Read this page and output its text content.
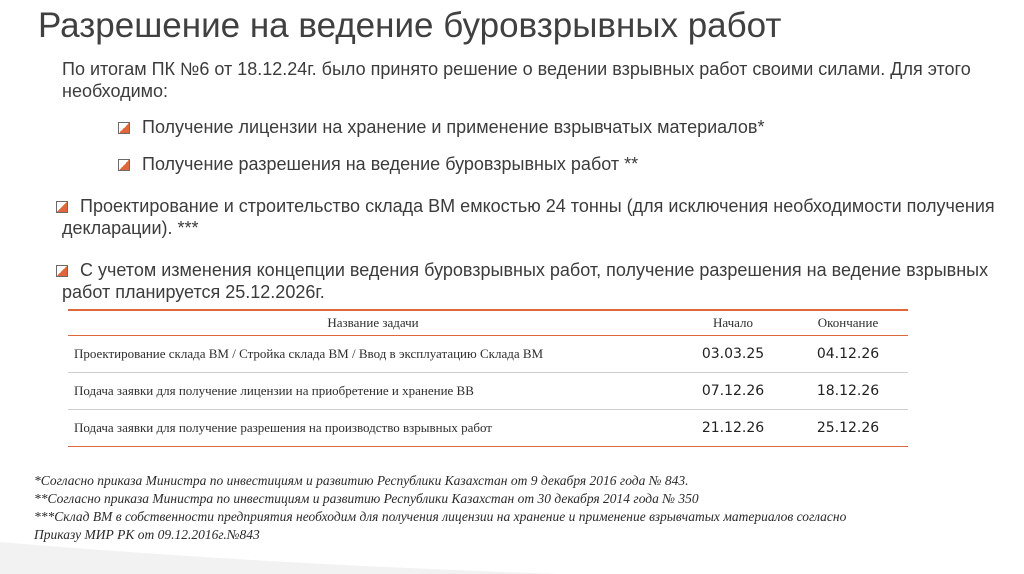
Разрешение на ведение буровзрывных работ
По итогам ПК №6 от 18.12.24г. было принято решение о ведении взрывных работ своими силами. Для этого необходимо:
Получение лицензии на хранение и применение взрывчатых материалов*
Получение разрешения на ведение буровзрывных работ **
Проектирование и строительство склада ВМ емкостью 24 тонны (для исключения необходимости получения декларации). ***
С учетом изменения концепции ведения буровзрывных работ, получение разрешения на ведение взрывных работ планируется 25.12.2026г.
Название задачи	Начало	Окончание
Проектирование склада ВМ / Стройка склада ВМ / Ввод в эксплуатацию Склада ВМ	03.03.25	04.12.26
Подача заявки для получение лицензии на приобретение и хранение ВВ	07.12.26	18.12.26
Подача заявки для получение разрешения на производство взрывных работ	21.12.26	25.12.26
*Согласно приказа Министра по инвестициям и развитию Республики Казахстан от 9 декабря 2016 года № 843.
**Согласно приказа Министра по инвестициям и развитию Республики Казахстан от 30 декабря 2014 года № 350
***Склад ВМ в собственности предприятия необходим для получения лицензии на хранение и применение взрывчатых материалов согласно
Приказу МИР РК от 09.12.2016г.№843
